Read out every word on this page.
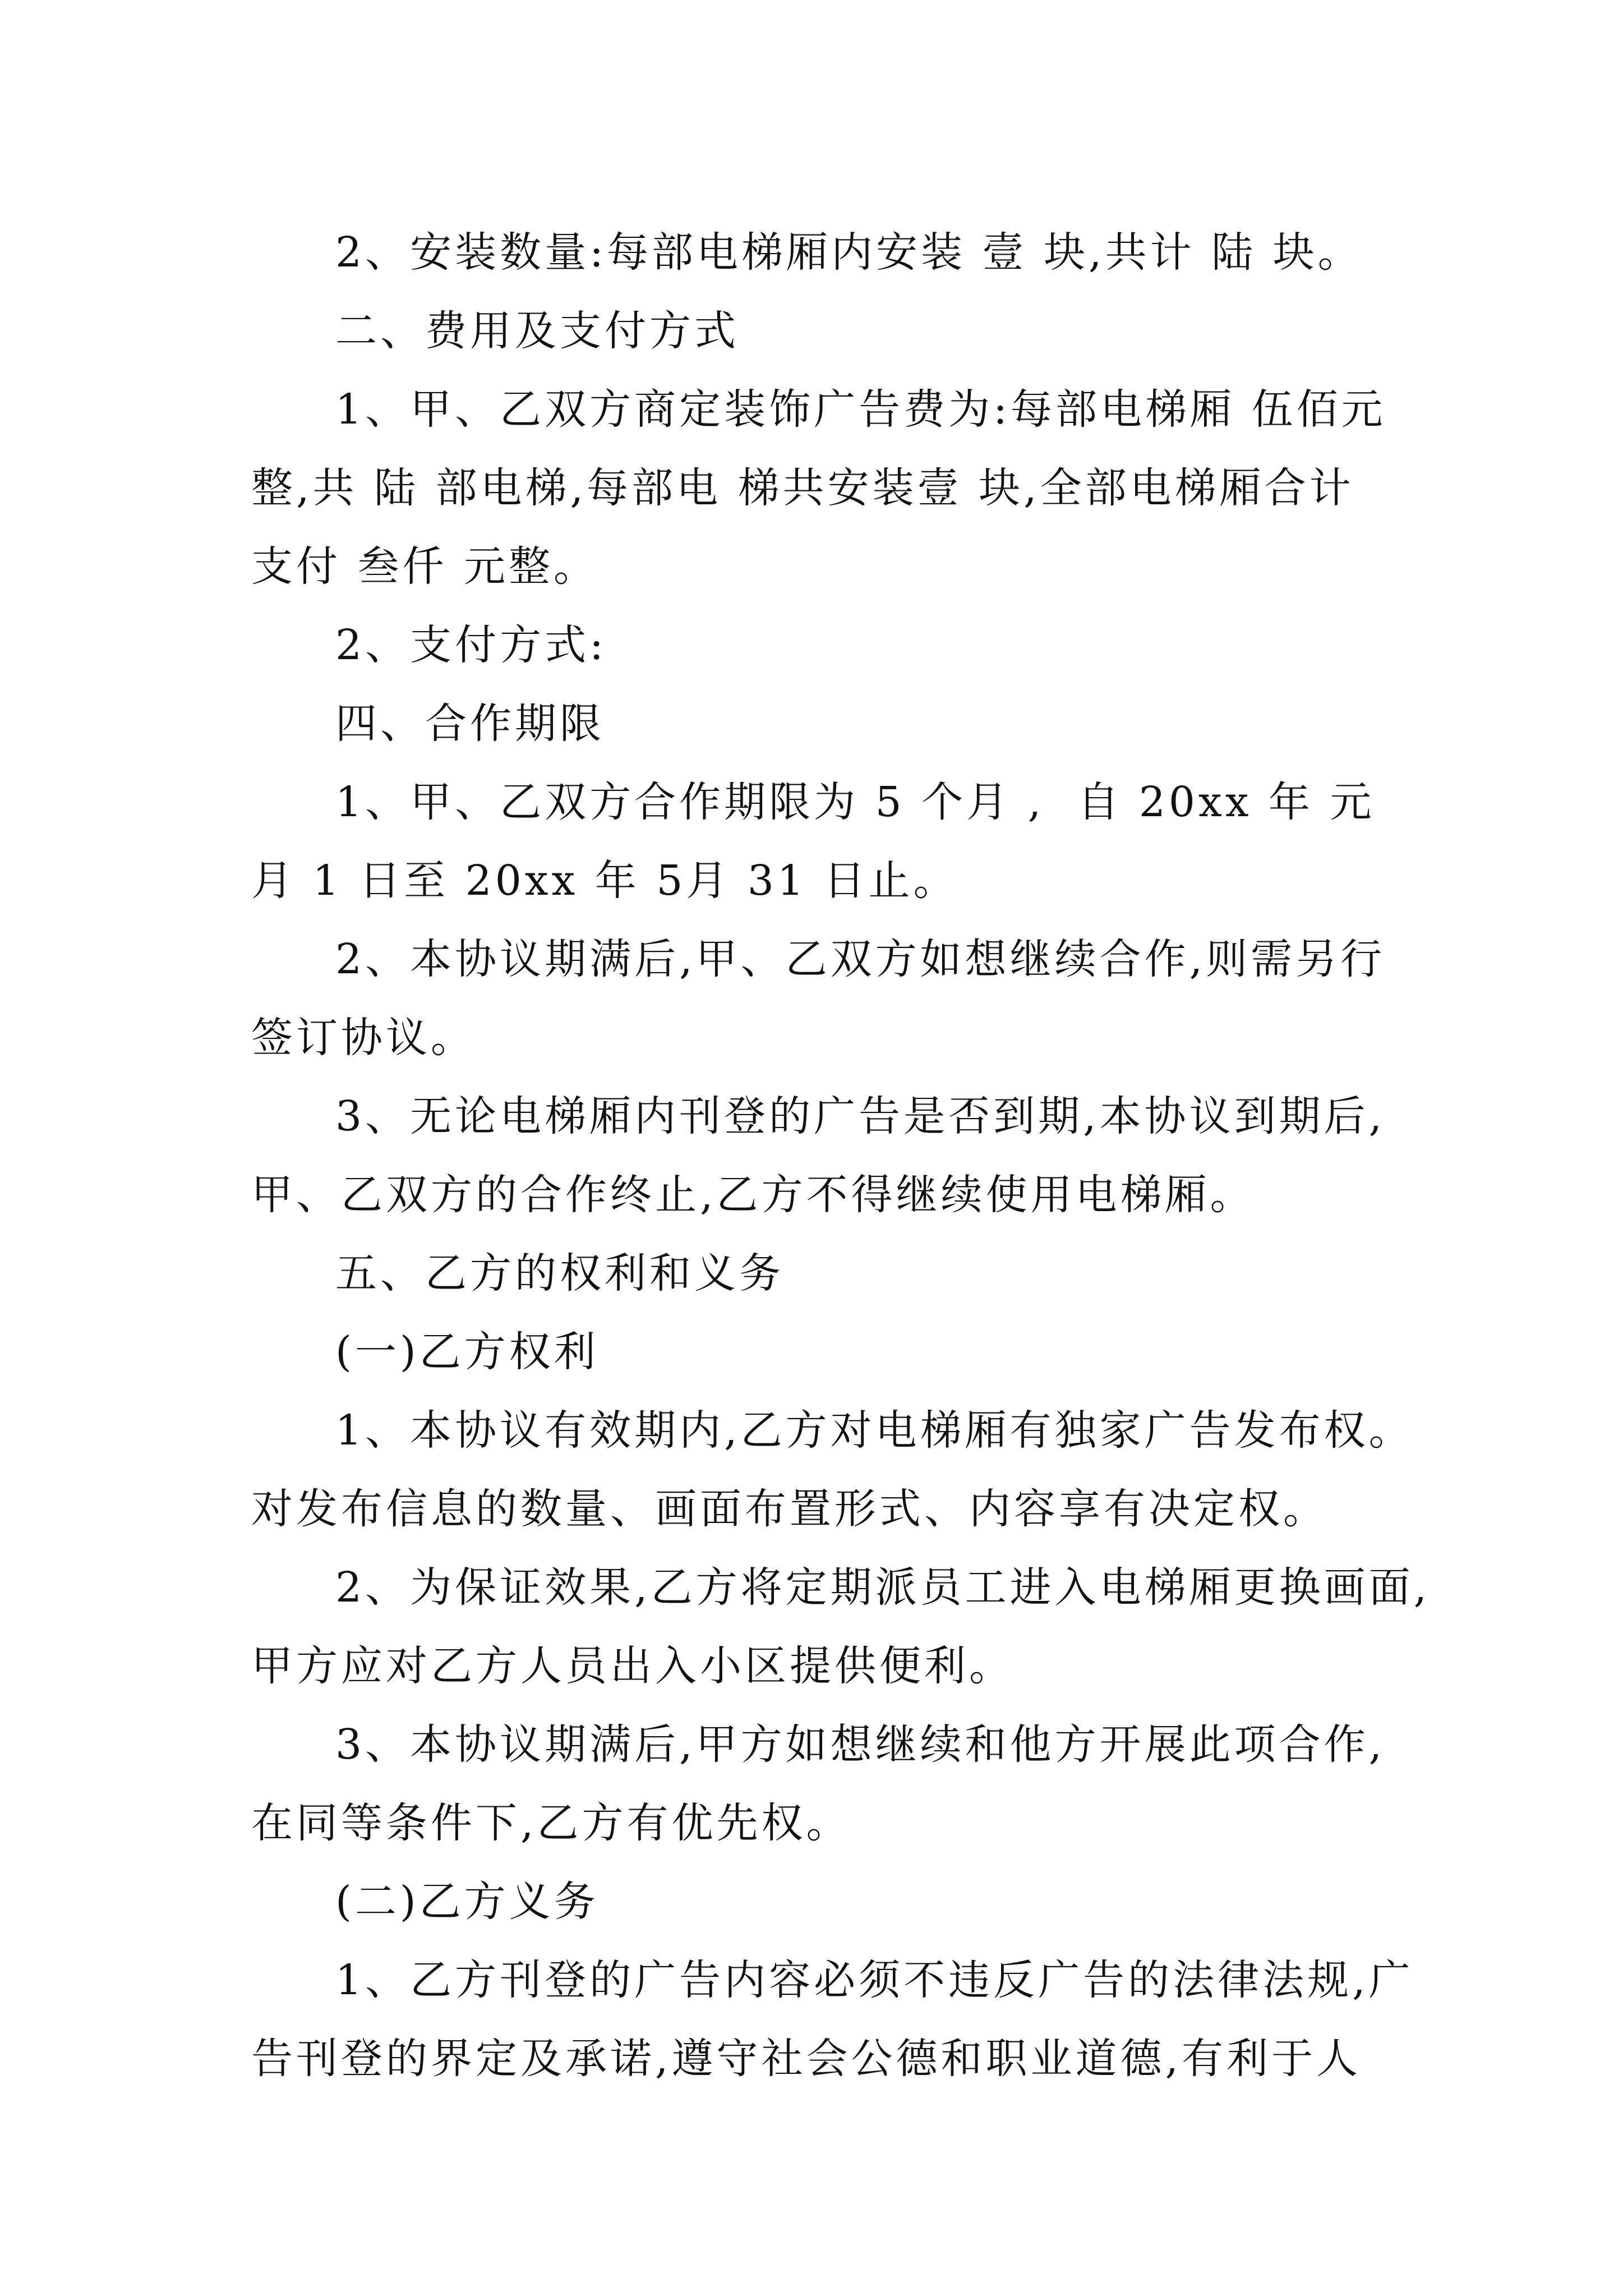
2、安装数量:每部电梯厢内安装 壹 块,共计 陆 块。
二、费用及支付方式
1、甲、乙双方商定装饰广告费为:每部电梯厢 伍佰元
整,共 陆 部电梯,每部电 梯共安装壹 块,全部电梯厢合计
支付 叁仟 元整。
2、支付方式:
四、合作期限
1、甲、乙双方合作期限为 5 个月 ,  自 20xx 年 元
月 1 日至 20xx 年 5月 31 日止。
2、本协议期满后,甲、乙双方如想继续合作,则需另行
签订协议。
3、无论电梯厢内刊登的广告是否到期,本协议到期后,
甲、乙双方的合作终止,乙方不得继续使用电梯厢。
五、乙方的权利和义务
(一)乙方权利
1、本协议有效期内,乙方对电梯厢有独家广告发布权。
对发布信息的数量、画面布置形式、内容享有决定权。
2、为保证效果,乙方将定期派员工进入电梯厢更换画面,
甲方应对乙方人员出入小区提供便利。
3、本协议期满后,甲方如想继续和他方开展此项合作,
在同等条件下,乙方有优先权。
(二)乙方义务
1、乙方刊登的广告内容必须不违反广告的法律法规,广
告刊登的界定及承诺,遵守社会公德和职业道德,有利于人
